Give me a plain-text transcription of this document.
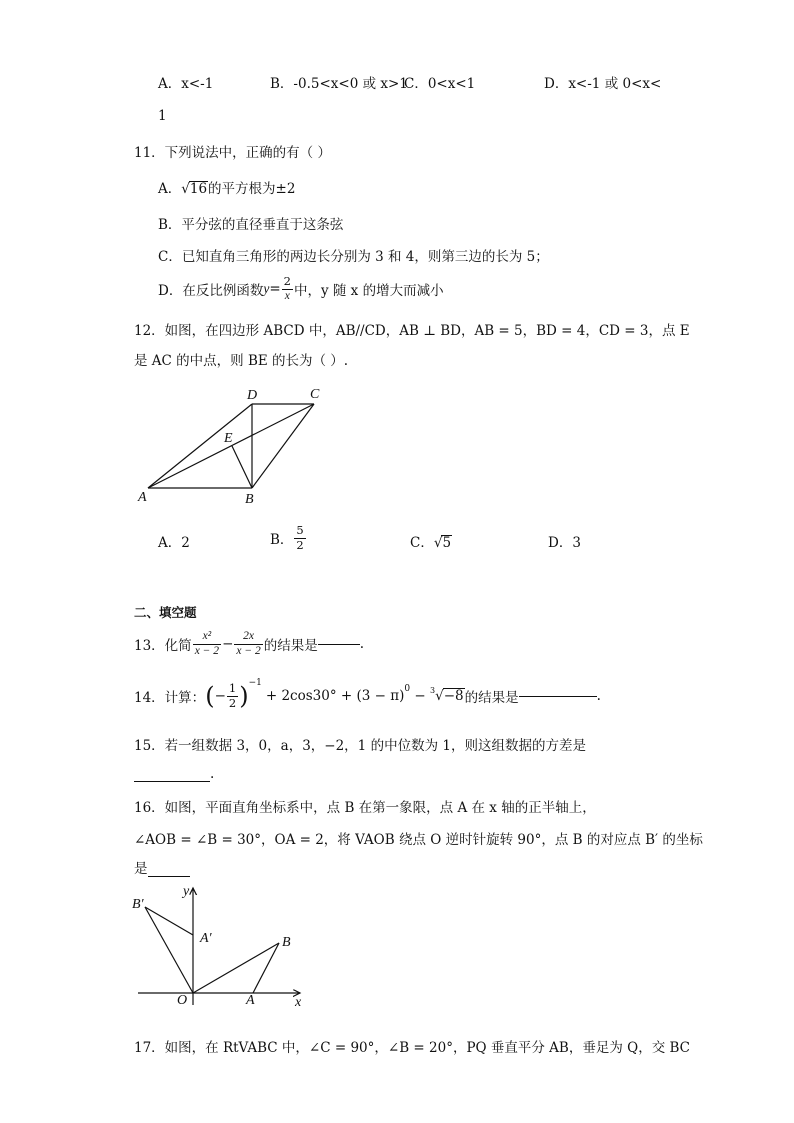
A．x<-1	B．-0.5<x<0 或 x>1
C．0<x<1	D．x<-1 或 0<x<
1
11．下列说法中，正确的有（ ）
A．√16的平方根为±2
B．平分弦的直径垂直于这条弦
C．已知直角三角形的两边长分别为 3 和 4，则第三边的长为 5；
D．在反比例函数 $y = \frac{2}{x}$ 中，y 随 x 的增大而减小
12．如图，在四边形 ABCD 中，AB//CD，AB ⊥ BD，AB = 5，BD = 4，CD = 3，点 E
是 AC 的中点，则 BE 的长为（ ）.
A	B
C
D
E
A．2	B． $\frac{5}{2}$	C．√5	D．3
二、填空题
13．化简 $\frac{\text{x²}}{x - 2} - \frac{2x}{x - 2}$ 的结果是	.
14．计算： ( − $\frac{1}{2} )^{-1}$
+ $2\cos 30^\circ + (3 - \pi)^0 - ^3$ √ −8 的结果是	.
15．若一组数据 3，0，a，3，−2，1 的中位数为 1，则这组数据的方差是
.
16．如图，平面直角坐标系中，点 B 在第一象限，点 A 在 x 轴的正半轴上，
∠AOB = ∠B = 30°，OA = 2，将 VAOB 绕点 O 逆时针旋转 90°，点 B 的对应点 B′ 的坐标
是
y
x
O	A
B
B′
A′
17．如图，在 RtVABC 中，∠C = 90°，∠B = 20°，PQ 垂直平分 AB，垂足为 Q，交 BC
